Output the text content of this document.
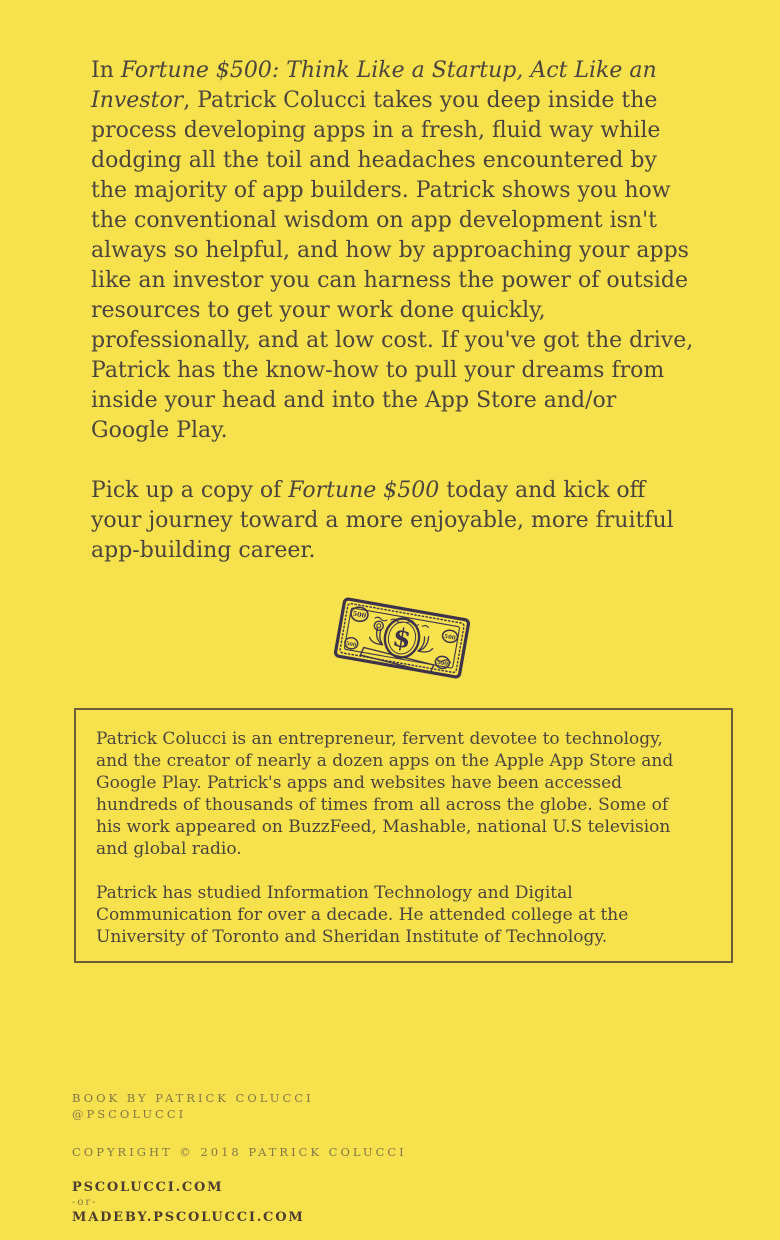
In Fortune $500: Think Like a Startup, Act Like an
Investor, Patrick Colucci takes you deep inside the
process developing apps in a fresh, fluid way while
dodging all the toil and headaches encountered by
the majority of app builders. Patrick shows you how
the conventional wisdom on app development isn't
always so helpful, and how by approaching your apps
like an investor you can harness the power of outside
resources to get your work done quickly,
professionally, and at low cost. If you've got the drive,
Patrick has the know-how to pull your dreams from
inside your head and into the App Store and/or
Google Play.
Pick up a copy of Fortune $500 today and kick off
your journey toward a more enjoyable, more fruitful
app-building career.
$
500
500
500
500
Patrick Colucci is an entrepreneur, fervent devotee to technology,
and the creator of nearly a dozen apps on the Apple App Store and
Google Play. Patrick's apps and websites have been accessed
hundreds of thousands of times from all across the globe. Some of
his work appeared on BuzzFeed, Mashable, national U.S television
and global radio.
Patrick has studied Information Technology and Digital
Communication for over a decade. He attended college at the
University of Toronto and Sheridan Institute of Technology.
BOOK BY PATRICK COLUCCI
@PSCOLUCCI
COPYRIGHT © 2018 PATRICK COLUCCI
PSCOLUCCI.COM
-or-
MADEBY.PSCOLUCCI.COM
